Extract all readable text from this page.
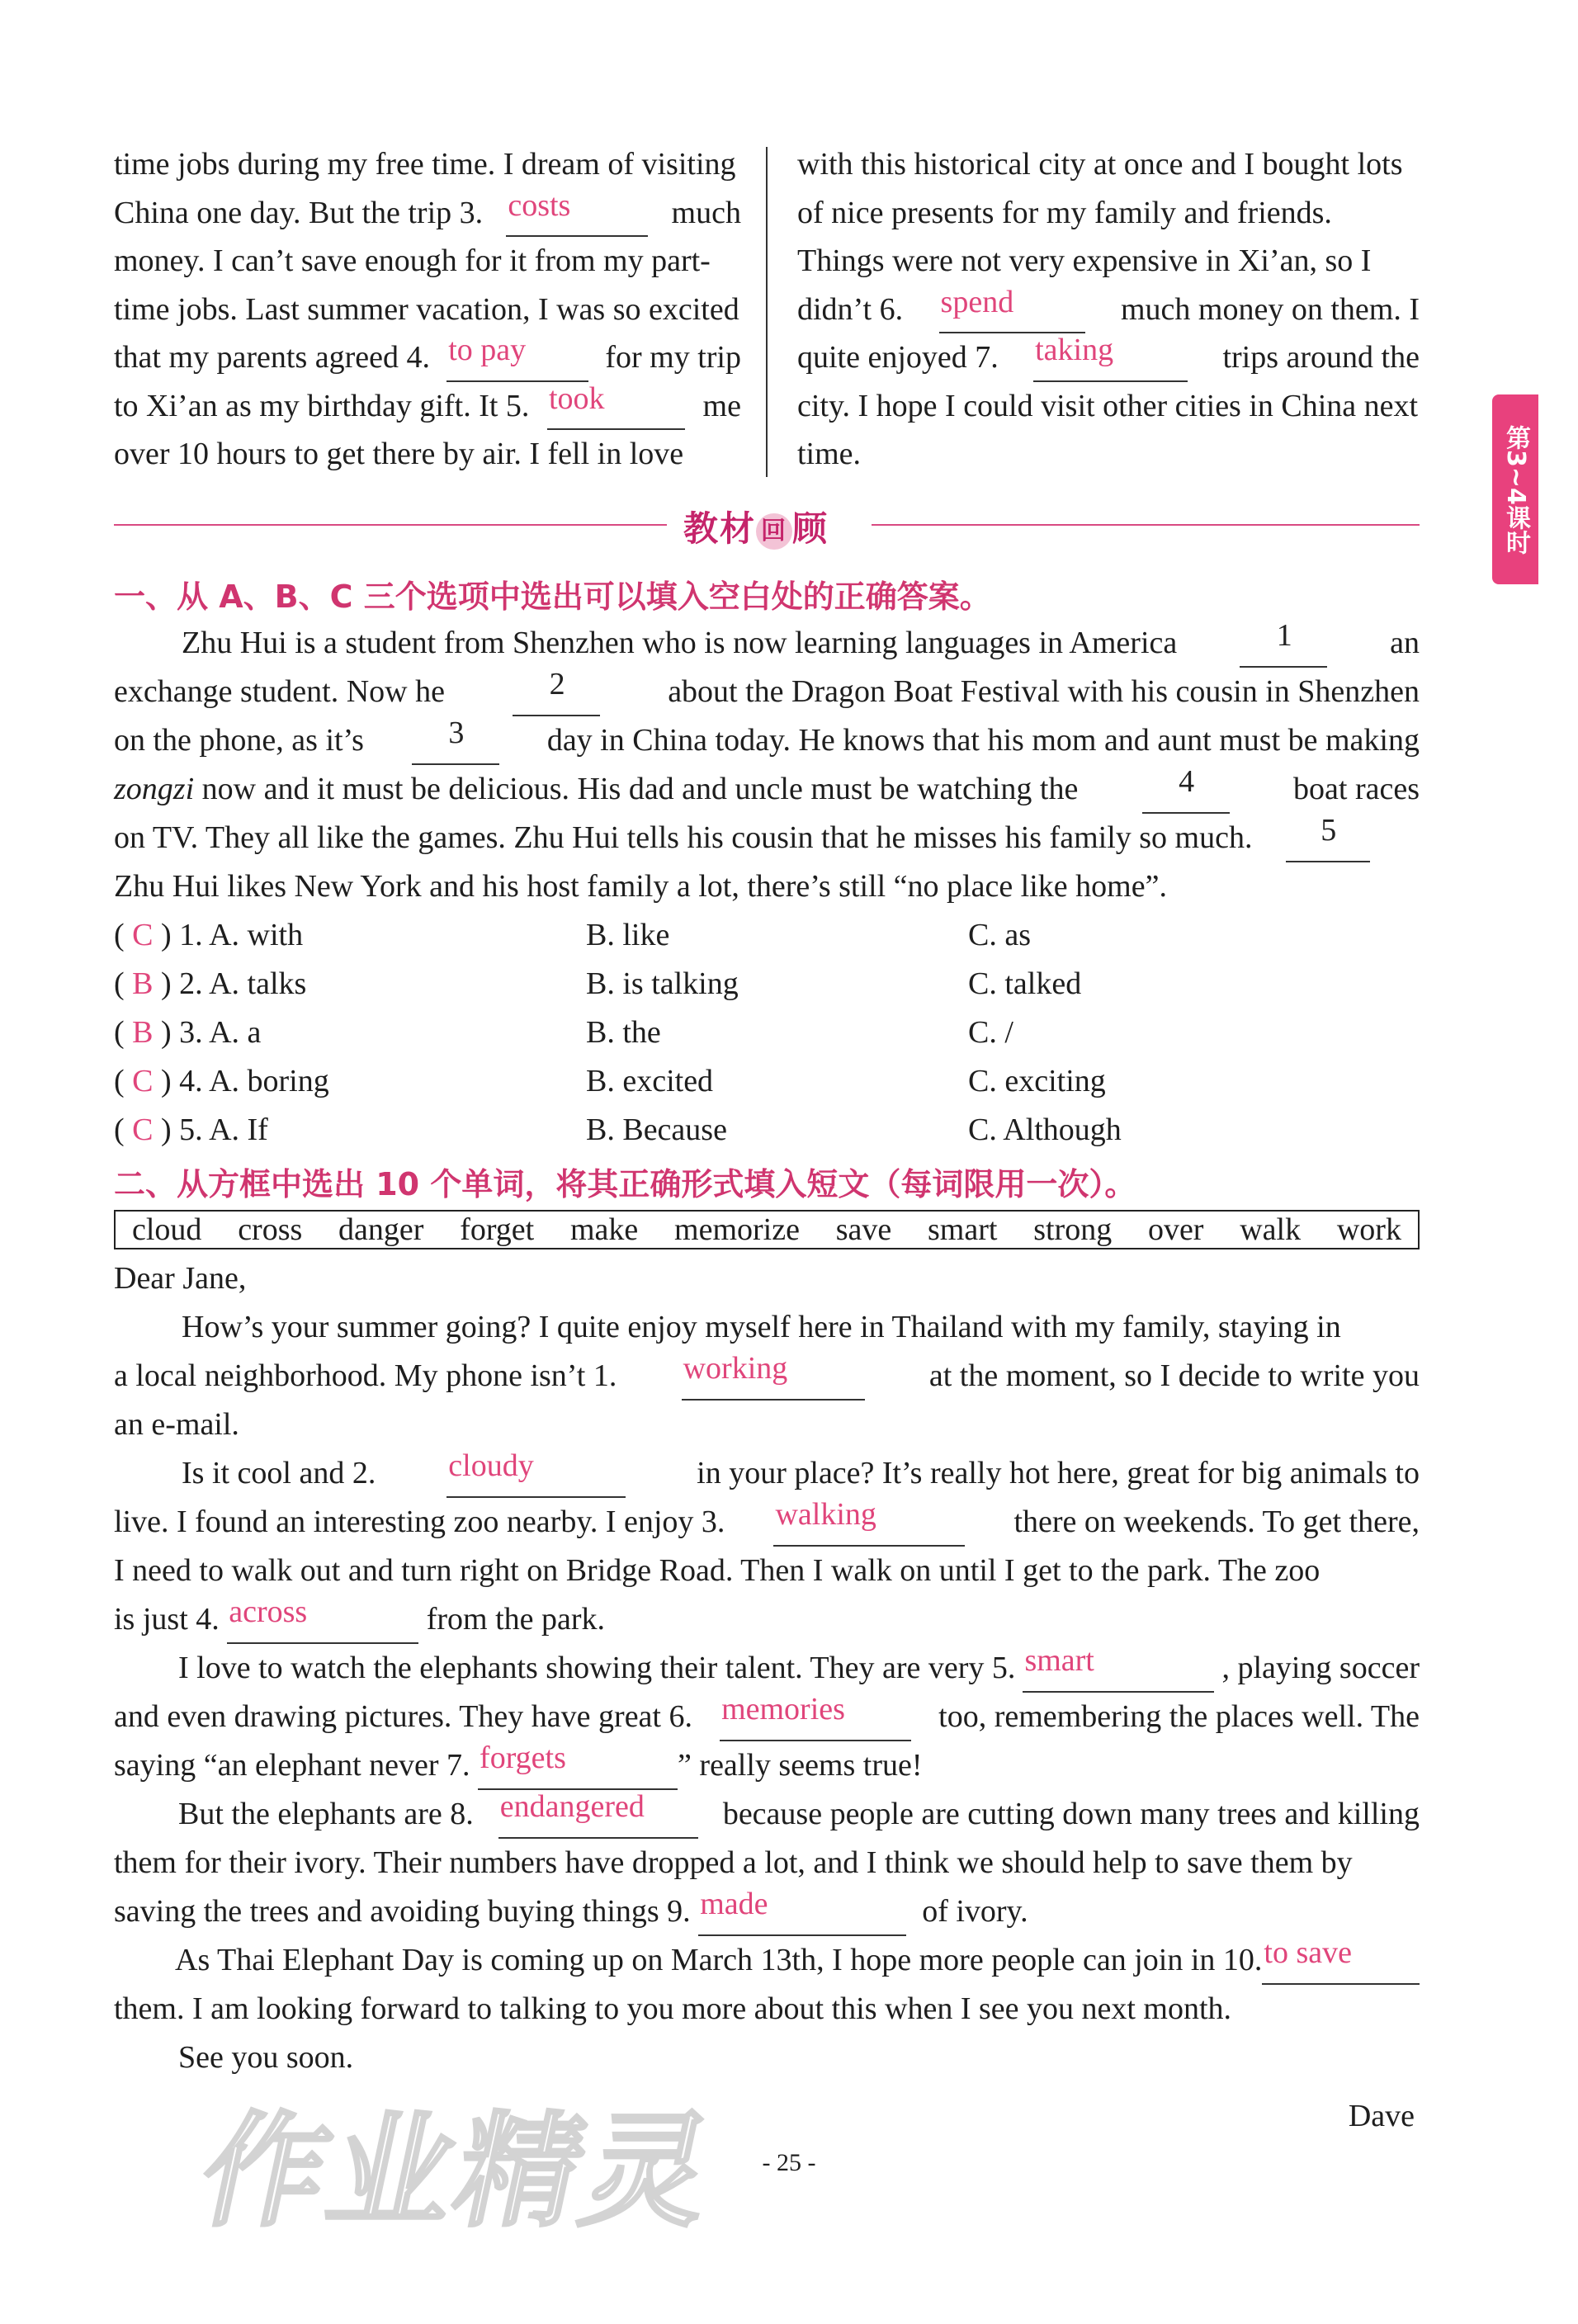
time jobs during my free time. I dream of visiting
China one day. But the trip 3. costs	much
money. I can’t save enough for it from my part-
time jobs. Last summer vacation, I was so excited
that my parents agreed 4. to pay	for my trip
to Xi’an as my birthday gift. It 5. took	me
over 10 hours to get there by air. I fell in love
with this historical city at once and I bought lots
of nice presents for my family and friends.
Things were not very expensive in Xi’an, so I
didn’t 6. spend	much money on them. I
quite enjoyed 7. taking	trips around the
city. I hope I could visit other cities in China next
time.	第3~4课时
教材 回 顾
一、从 A、B、C 三个选项中选出可以填入空白处的正确答案。
Zhu Hui is a student from Shenzhen who is now learning languages in America	1	an
exchange student. Now he	2	about the Dragon Boat Festival with his cousin in Shenzhen
on the phone, as it’s	3	day in China today. He knows that his mom and aunt must be making
zongzi now and it must be delicious. His dad and uncle must be watching the	4	boat races
on TV. They all like the games. Zhu Hui tells his cousin that he misses his family so much.	5
Zhu Hui likes New York and his host family a lot, there’s still “no place like home”.
( C ) 1. A. with	B. like	C. as
( B ) 2. A. talks	B. is talking	C. talked
( B ) 3. A. a	B. the	C. /
( C ) 4. A. boring	B. excited	C. exciting
( C ) 5. A. If	B. Because	C. Although
二、从方框中选出 10 个单词，将其正确形式填入短文（每词限用一次）。
cloud cross danger forget make memorize save smart strong over walk work
Dear Jane,
How’s your summer going? I quite enjoy myself here in Thailand with my family, staying in
a local neighborhood. My phone isn’t 1. working	at the moment, so I decide to write you
an e-mail.
Is it cool and 2. cloudy	in your place? It’s really hot here, great for big animals to
live. I found an interesting zoo nearby. I enjoy 3. walking	there on weekends. To get there,
I need to walk out and turn right on Bridge Road. Then I walk on until I get to the park. The zoo
is just 4.
across
	from the park.
I love to watch the elephants showing their talent. They are very 5. smart	, playing soccer
and even drawing pictures. They have great 6. memories	too, remembering the places well. The
saying “an elephant never 7.
forgets	” really seems true!
But the elephants are 8. endangered	because people are cutting down many trees and killing
them for their ivory. Their numbers have dropped a lot, and I think we should help to save them by
saving the trees and avoiding buying things 9.
made
	of ivory.
As Thai Elephant Day is coming up on March 13th, I hope more people can join in 10. to save
them. I am looking forward to talking to you more about this when I see you next month.
See you soon.
Dave
作业精灵	- 25 -
